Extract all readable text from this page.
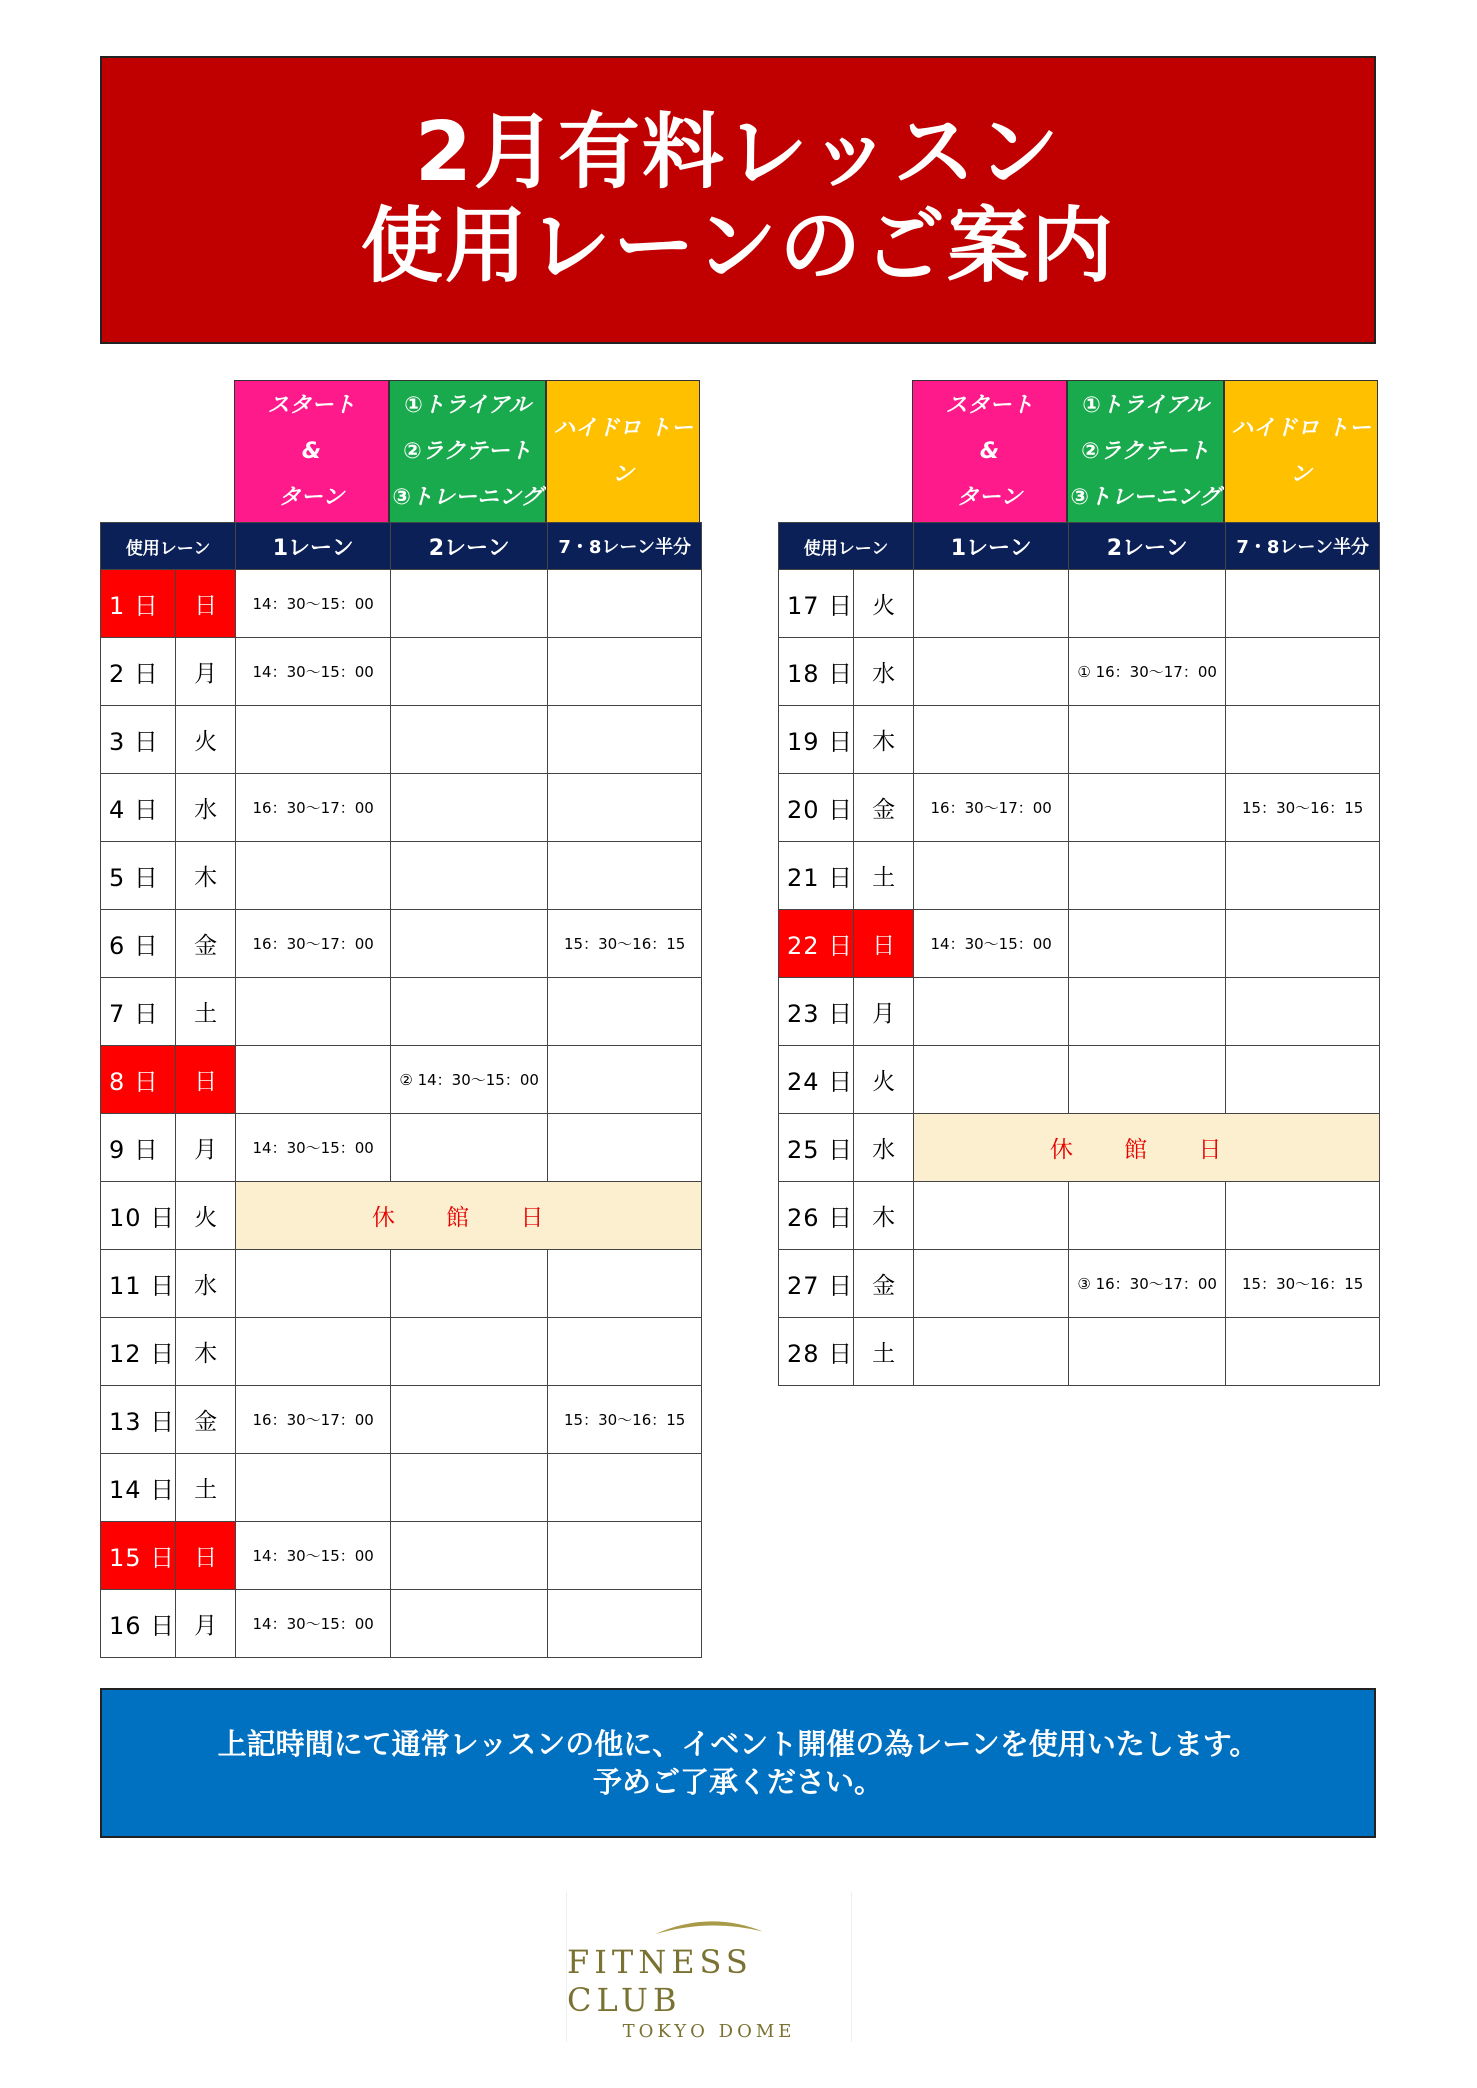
2月有料レッスン
使用レーンのご案内
スタート
&
ターン
①トライアル
②ラクテート
③トレーニング
ハイドロ トーン
使用レーン		1レーン	2レーン	7・8レーン半分
1 日	日	14：30〜15：00		
2 日	月	14：30〜15：00		
3 日	火			
4 日	水	16：30〜17：00		
5 日	木			
6 日	金	16：30〜17：00		15：30〜16：15
7 日	土			
8 日	日		② 14：30〜15：00	
9 日	月	14：30〜15：00		
10 日	火	休 館 日		
11 日	水			
12 日	木			
13 日	金	16：30〜17：00		15：30〜16：15
14 日	土			
15 日	日	14：30〜15：00		
16 日	月	14：30〜15：00		
スタート
&
ターン
①トライアル
②ラクテート
③トレーニング
ハイドロ トーン
使用レーン		1レーン	2レーン	7・8レーン半分
17 日	火			
18 日	水		① 16：30〜17：00	
19 日	木			
20 日	金	16：30〜17：00		15：30〜16：15
21 日	土			
22 日	日	14：30〜15：00		
23 日	月			
24 日	火			
25 日	水	休 館 日		
26 日	木			
27 日	金		③ 16：30〜17：00	15：30〜16：15
28 日	土			
上記時間にて通常レッスンの他に、イベント開催の為レーンを使用いたします。
予めご了承ください。
FITNESS CLUB
TOKYO DOME
